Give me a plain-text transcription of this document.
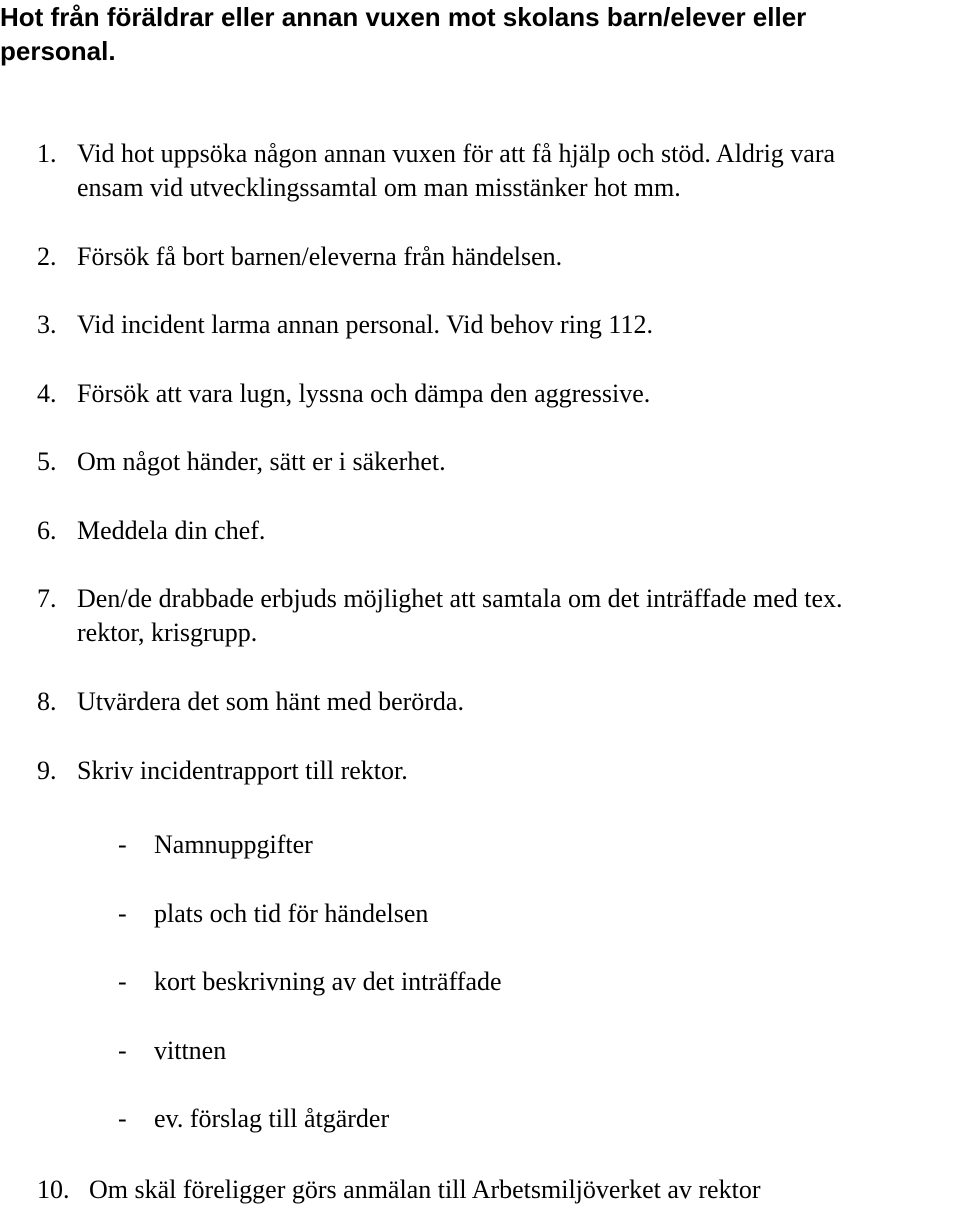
Hot från föräldrar eller annan vuxen mot skolans barn/elever eller personal.
1. Vid hot uppsöka någon annan vuxen för att få hjälp och stöd. Aldrig vara
ensam vid utvecklingssamtal om man misstänker hot mm.
2. Försök få bort barnen/eleverna från händelsen.
3. Vid incident larma annan personal. Vid behov ring 112.
4. Försök att vara lugn, lyssna och dämpa den aggressive.
5. Om något händer, sätt er i säkerhet.
6. Meddela din chef.
7. Den/de drabbade erbjuds möjlighet att samtala om det inträffade med tex.
rektor, krisgrupp.
8. Utvärdera det som hänt med berörda.
9. Skriv incidentrapport till rektor.
- Namnuppgifter
- plats och tid för händelsen
- kort beskrivning av det inträffade
- vittnen
- ev. förslag till åtgärder
10. Om skäl föreligger görs anmälan till Arbetsmiljöverket av rektor
